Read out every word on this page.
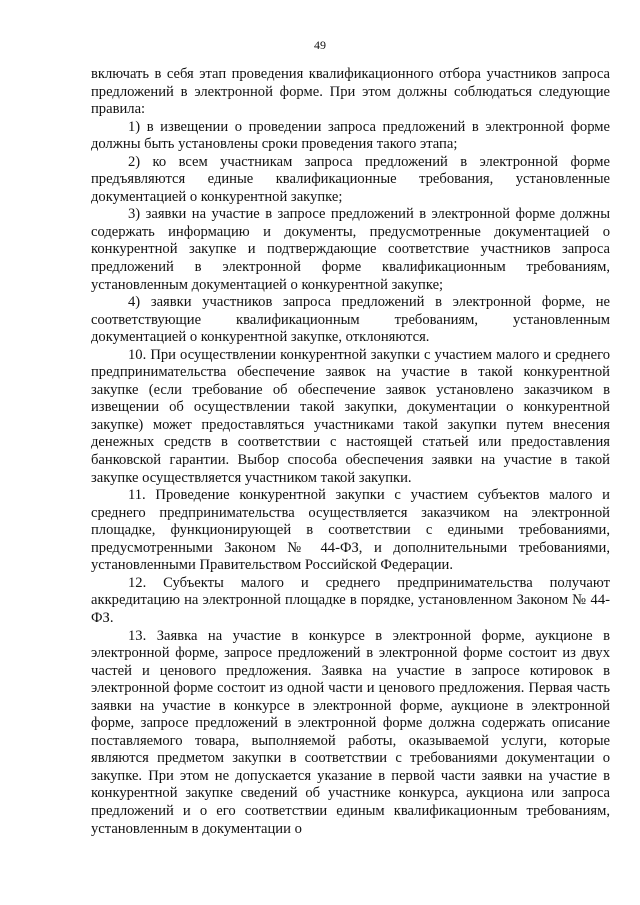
49

включать в себя этап проведения квалификационного отбора участников запроса предложений в электронной форме. При этом должны соблюдаться следующие правила:

1) в извещении о проведении запроса предложений в электронной форме должны быть установлены сроки проведения такого этапа;

2) ко всем участникам запроса предложений в электронной форме предъявляются единые квалификационные требования, установленные документацией о конкурентной закупке;

3) заявки на участие в запросе предложений в электронной форме должны содержать информацию и документы, предусмотренные документацией о конкурентной закупке и подтверждающие соответствие участников запроса предложений в электронной форме квалификационным требованиям, установленным документацией о конкурентной закупке;

4) заявки участников запроса предложений в электронной форме, не соответствующие квалификационным требованиям, установленным документацией о конкурентной закупке, отклоняются.

10. При осуществлении конкурентной закупки с участием малого и среднего предпринимательства обеспечение заявок на участие в такой конкурентной закупке (если требование об обеспечение заявок установлено заказчиком в извещении об осуществлении такой закупки, документации о конкурентной закупке) может предоставляться участниками такой закупки путем внесения денежных средств в соответствии с настоящей статьей или предоставления банковской гарантии. Выбор способа обеспечения заявки на участие в такой закупке осуществляется участником такой закупки.

11. Проведение конкурентной закупки с участием субъектов малого и среднего предпринимательства осуществляется заказчиком на электронной площадке, функционирующей в соответствии с едиными требованиями, предусмотренными Законом № 44-ФЗ, и дополнительными требованиями, установленными Правительством Российской Федерации.

12. Субъекты малого и среднего предпринимательства получают аккредитацию на электронной площадке в порядке, установленном Законом № 44-ФЗ.

13. Заявка на участие в конкурсе в электронной форме, аукционе в электронной форме, запросе предложений в электронной форме состоит из двух частей и ценового предложения. Заявка на участие в запросе котировок в электронной форме состоит из одной части и ценового предложения. Первая часть заявки на участие в конкурсе в электронной форме, аукционе в электронной форме, запросе предложений в электронной форме должна содержать описание поставляемого товара, выполняемой работы, оказываемой услуги, которые являются предметом закупки в соответствии с требованиями документации о закупке. При этом не допускается указание в первой части заявки на участие в конкурентной закупке сведений об участнике конкурса, аукциона или запроса предложений и о его соответствии единым квалификационным требованиям, установленным в документации о
